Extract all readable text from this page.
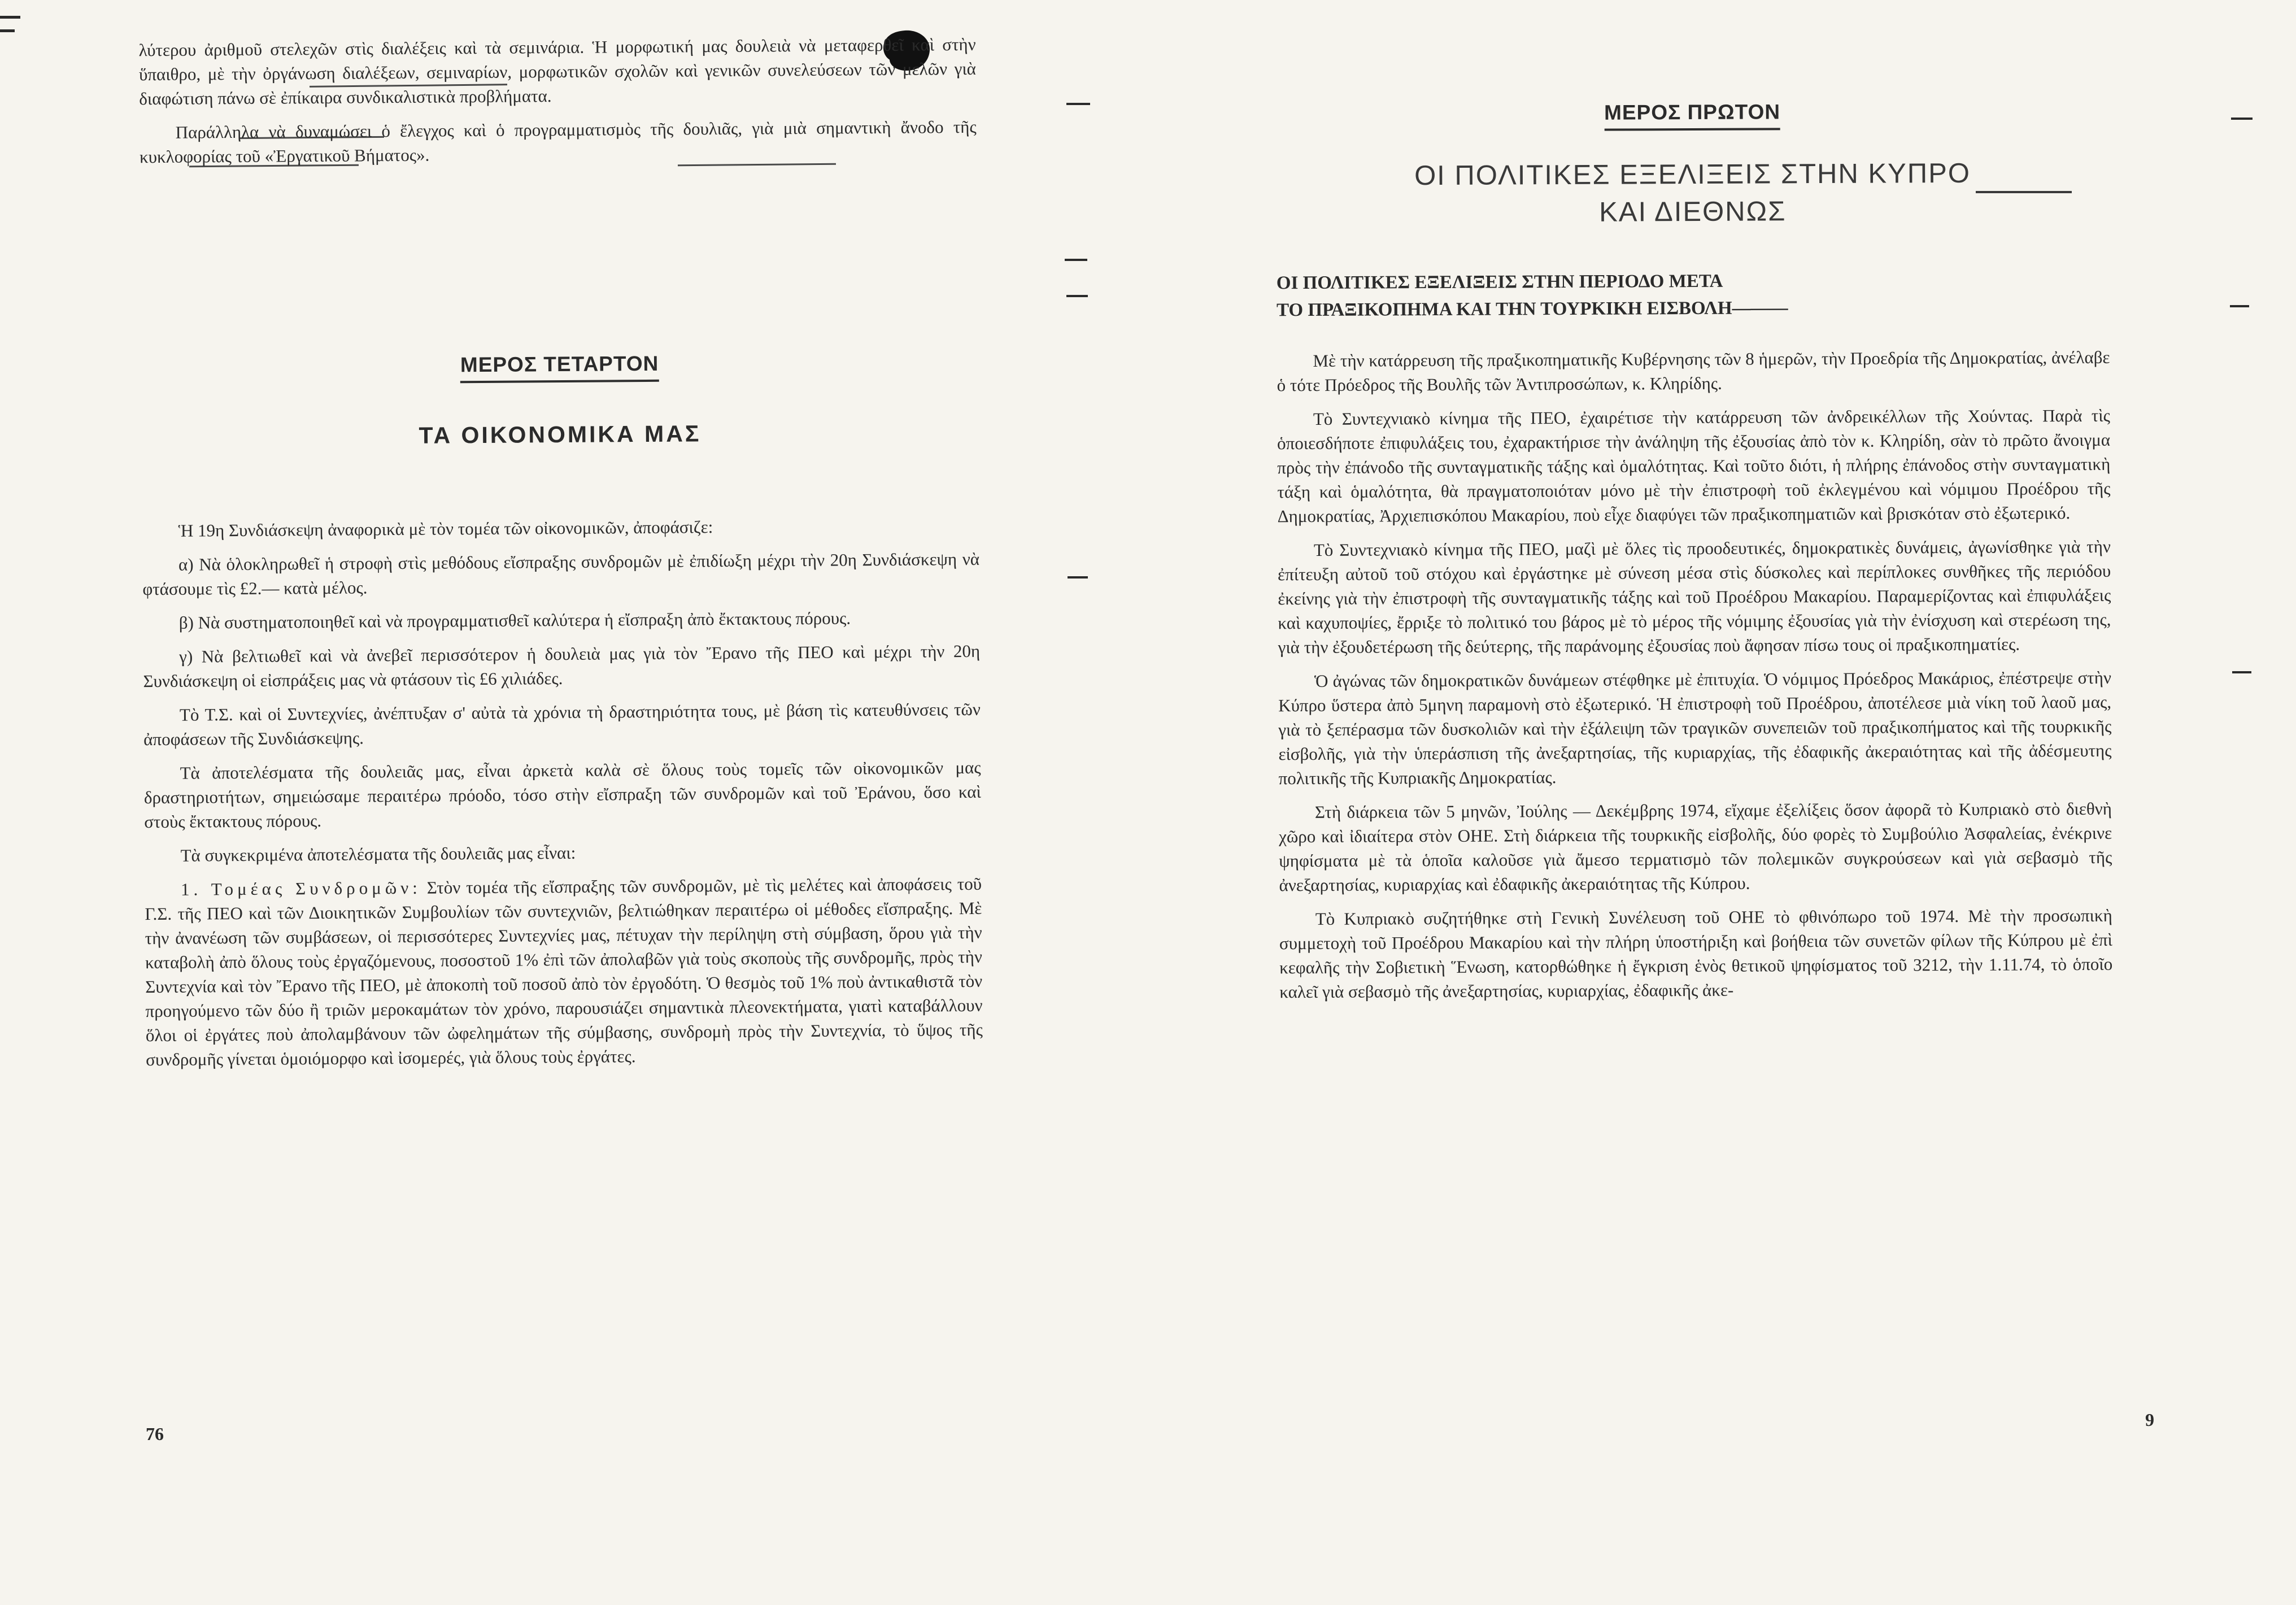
λύτερου ἀριθμοῦ στελεχῶν στὶς διαλέξεις καὶ τὰ σεμινάρια. Ἡ μορφωτική μας δουλειὰ νὰ μεταφερθεῖ καὶ στὴν ὕπαιθρο, μὲ τὴν ὀργάνωση διαλέξεων, σεμιναρίων, μορφωτικῶν σχολῶν καὶ γενικῶν συνελεύσεων τῶν μελῶν γιὰ διαφώτιση πάνω σὲ ἐπίκαιρα συνδικαλιστικὰ προβλήματα.

Παράλληλα νὰ δυναμώσει ὁ ἔλεγχος καὶ ὁ προγραμματισμὸς τῆς δουλιᾶς, γιὰ μιὰ σημαντικὴ ἄνοδο τῆς κυκλοφορίας τοῦ «Ἐργατικοῦ Βήματος».

ΜΕΡΟΣ ΤΕΤΑΡΤΟΝ
ΤΑ ΟΙΚΟΝΟΜΙΚΑ ΜΑΣ

Ἡ 19η Συνδιάσκεψη ἀναφορικὰ μὲ τὸν τομέα τῶν οἰκονομικῶν, ἀποφάσιζε:

α) Νὰ ὁλοκληρωθεῖ ἡ στροφὴ στὶς μεθόδους εἴσπραξης συνδρομῶν μὲ ἐπιδίωξη μέχρι τὴν 20η Συνδιάσκεψη νὰ φτάσουμε τὶς £2.— κατὰ μέλος.

β) Νὰ συστηματοποιηθεῖ καὶ νὰ προγραμματισθεῖ καλύτερα ἡ εἴσπραξη ἀπὸ ἔκτακτους πόρους.

γ) Νὰ βελτιωθεῖ καὶ νὰ ἀνεβεῖ περισσότερον ἡ δουλειὰ μας γιὰ τὸν Ἔρανο τῆς ΠΕΟ καὶ μέχρι τὴν 20η Συνδιάσκεψη οἱ εἰσπράξεις μας νὰ φτάσουν τὶς £6 χιλιάδες.

Τὸ Τ.Σ. καὶ οἱ Συντεχνίες, ἀνέπτυξαν σ' αὐτὰ τὰ χρόνια τὴ δραστηριότητα τους, μὲ βάση τὶς κατευθύνσεις τῶν ἀποφάσεων τῆς Συνδιάσκεψης.

Τὰ ἀποτελέσματα τῆς δουλειᾶς μας, εἶναι ἀρκετὰ καλὰ σὲ ὅλους τοὺς τομεῖς τῶν οἰκονομικῶν μας δραστηριοτήτων, σημειώσαμε περαιτέρω πρόοδο, τόσο στὴν εἴσπραξη τῶν συνδρομῶν καὶ τοῦ Ἐράνου, ὅσο καὶ στοὺς ἔκτακτους πόρους.

Τὰ συγκεκριμένα ἀποτελέσματα τῆς δουλειᾶς μας εἶναι:

1. Τομέας Συνδρομῶν: Στὸν τομέα τῆς εἴσπραξης τῶν συνδρομῶν, μὲ τὶς μελέτες καὶ ἀποφάσεις τοῦ Γ.Σ. τῆς ΠΕΟ καὶ τῶν Διοικητικῶν Συμβουλίων τῶν συντεχνιῶν, βελτιώθηκαν περαιτέρω οἱ μέθοδες εἴσπραξης. Μὲ τὴν ἀνανέωση τῶν συμβάσεων, οἱ περισσότερες Συντεχνίες μας, πέτυχαν τὴν περίληψη στὴ σύμβαση, ὅρου γιὰ τὴν καταβολὴ ἀπὸ ὅλους τοὺς ἐργαζόμενους, ποσοστοῦ 1% ἐπὶ τῶν ἀπολαβῶν γιὰ τοὺς σκοποὺς τῆς συνδρομῆς, πρὸς τὴν Συντεχνία καὶ τὸν Ἔρανο τῆς ΠΕΟ, μὲ ἀποκοπὴ τοῦ ποσοῦ ἀπὸ τὸν ἐργοδότη. Ὁ θεσμὸς τοῦ 1% ποὺ ἀντικαθιστᾶ τὸν προηγούμενο τῶν δύο ἢ τριῶν μεροκαμάτων τὸν χρόνο, παρουσιάζει σημαντικὰ πλεονεκτήματα, γιατὶ καταβάλλουν ὅλοι οἱ ἐργάτες ποὺ ἀπολαμβάνουν τῶν ὠφελημάτων τῆς σύμβασης, συνδρομὴ πρὸς τὴν Συντεχνία, τὸ ὕψος τῆς συνδρομῆς γίνεται ὁμοιόμορφο καὶ ἰσομερές, γιὰ ὅλους τοὺς ἐργάτες.

ΜΕΡΟΣ ΠΡΩΤΟΝ
ΟΙ ΠΟΛΙΤΙΚΕΣ ΕΞΕΛΙΞΕΙΣ ΣΤΗΝ ΚΥΠΡΟ
ΚΑΙ ΔΙΕΘΝΩΣ
ΟΙ ΠΟΛΙΤΙΚΕΣ ΕΞΕΛΙΞΕΙΣ ΣΤΗΝ ΠΕΡΙΟΔΟ ΜΕΤΑ
ΤΟ ΠΡΑΞΙΚΟΠΗΜΑ ΚΑΙ ΤΗΝ ΤΟΥΡΚΙΚΗ ΕΙΣΒΟΛΗ———

Μὲ τὴν κατάρρευση τῆς πραξικοπηματικῆς Κυβέρνησης τῶν 8 ἡμερῶν, τὴν Προεδρία τῆς Δημοκρατίας, ἀνέλαβε ὁ τότε Πρόεδρος τῆς Βουλῆς τῶν Ἀντιπροσώπων, κ. Κληρίδης.

Τὸ Συντεχνιακὸ κίνημα τῆς ΠΕΟ, ἐχαιρέτισε τὴν κατάρρευση τῶν ἀνδρεικέλλων τῆς Χούντας. Παρὰ τὶς ὁποιεσδήποτε ἐπιφυλάξεις του, ἐχαρακτήρισε τὴν ἀνάληψη τῆς ἐξουσίας ἀπὸ τὸν κ. Κληρίδη, σὰν τὸ πρῶτο ἄνοιγμα πρὸς τὴν ἐπάνοδο τῆς συνταγματικῆς τάξης καὶ ὁμαλότητας. Καὶ τοῦτο διότι, ἡ πλήρης ἐπάνοδος στὴν συνταγματικὴ τάξη καὶ ὁμαλότητα, θὰ πραγματοποιόταν μόνο μὲ τὴν ἐπιστροφὴ τοῦ ἐκλεγμένου καὶ νόμιμου Προέδρου τῆς Δημοκρατίας, Ἀρχιεπισκόπου Μακαρίου, ποὺ εἶχε διαφύγει τῶν πραξικοπηματιῶν καὶ βρισκόταν στὸ ἐξωτερικό.

Τὸ Συντεχνιακὸ κίνημα τῆς ΠΕΟ, μαζὶ μὲ ὅλες τὶς προοδευτικές, δημοκρατικὲς δυνάμεις, ἀγωνίσθηκε γιὰ τὴν ἐπίτευξη αὐτοῦ τοῦ στόχου καὶ ἐργάστηκε μὲ σύνεση μέσα στὶς δύσκολες καὶ περίπλοκες συνθῆκες τῆς περιόδου ἐκείνης γιὰ τὴν ἐπιστροφὴ τῆς συνταγματικῆς τάξης καὶ τοῦ Προέδρου Μακαρίου. Παραμερίζοντας καὶ ἐπιφυλάξεις καὶ καχυποψίες, ἔρριξε τὸ πολιτικό του βάρος μὲ τὸ μέρος τῆς νόμιμης ἐξουσίας γιὰ τὴν ἐνίσχυση καὶ στερέωση της, γιὰ τὴν ἐξουδετέρωση τῆς δεύτερης, τῆς παράνομης ἐξουσίας ποὺ ἄφησαν πίσω τους οἱ πραξικοπηματίες.

Ὁ ἀγώνας τῶν δημοκρατικῶν δυνάμεων στέφθηκε μὲ ἐπιτυχία. Ὁ νόμιμος Πρόεδρος Μακάριος, ἐπέστρεψε στὴν Κύπρο ὕστερα ἀπὸ 5μηνη παραμονὴ στὸ ἐξωτερικό. Ἡ ἐπιστροφὴ τοῦ Προέδρου, ἀποτέλεσε μιὰ νίκη τοῦ λαοῦ μας, γιὰ τὸ ξεπέρασμα τῶν δυσκολιῶν καὶ τὴν ἐξάλειψη τῶν τραγικῶν συνεπειῶν τοῦ πραξικοπήματος καὶ τῆς τουρκικῆς εἰσβολῆς, γιὰ τὴν ὑπεράσπιση τῆς ἀνεξαρτησίας, τῆς κυριαρχίας, τῆς ἐδαφικῆς ἀκεραιότητας καὶ τῆς ἀδέσμευτης πολιτικῆς τῆς Κυπριακῆς Δημοκρατίας.

Στὴ διάρκεια τῶν 5 μηνῶν, Ἰούλης — Δεκέμβρης 1974, εἴχαμε ἐξελίξεις ὅσον ἀφορᾶ τὸ Κυπριακὸ στὸ διεθνὴ χῶρο καὶ ἰδιαίτερα στὸν ΟΗΕ. Στὴ διάρκεια τῆς τουρκικῆς εἰσβολῆς, δύο φορὲς τὸ Συμβούλιο Ἀσφαλείας, ἐνέκρινε ψηφίσματα μὲ τὰ ὁποῖα καλοῦσε γιὰ ἄμεσο τερματισμὸ τῶν πολεμικῶν συγκρούσεων καὶ γιὰ σεβασμὸ τῆς ἀνεξαρτησίας, κυριαρχίας καὶ ἐδαφικῆς ἀκεραιότητας τῆς Κύπρου.

Τὸ Κυπριακὸ συζητήθηκε στὴ Γενικὴ Συνέλευση τοῦ ΟΗΕ τὸ φθινόπωρο τοῦ 1974. Μὲ τὴν προσωπικὴ συμμετοχὴ τοῦ Προέδρου Μακαρίου καὶ τὴν πλήρη ὑποστήριξη καὶ βοήθεια τῶν συνετῶν φίλων τῆς Κύπρου μὲ ἐπὶ κεφαλῆς τὴν Σοβιετικὴ Ἕνωση, κατορθώθηκε ἡ ἔγκριση ἑνὸς θετικοῦ ψηφίσματος τοῦ 3212, τὴν 1.11.74, τὸ ὁποῖο καλεῖ γιὰ σεβασμὸ τῆς ἀνεξαρτησίας, κυριαρχίας, ἐδαφικῆς ἀκε-

76
9
